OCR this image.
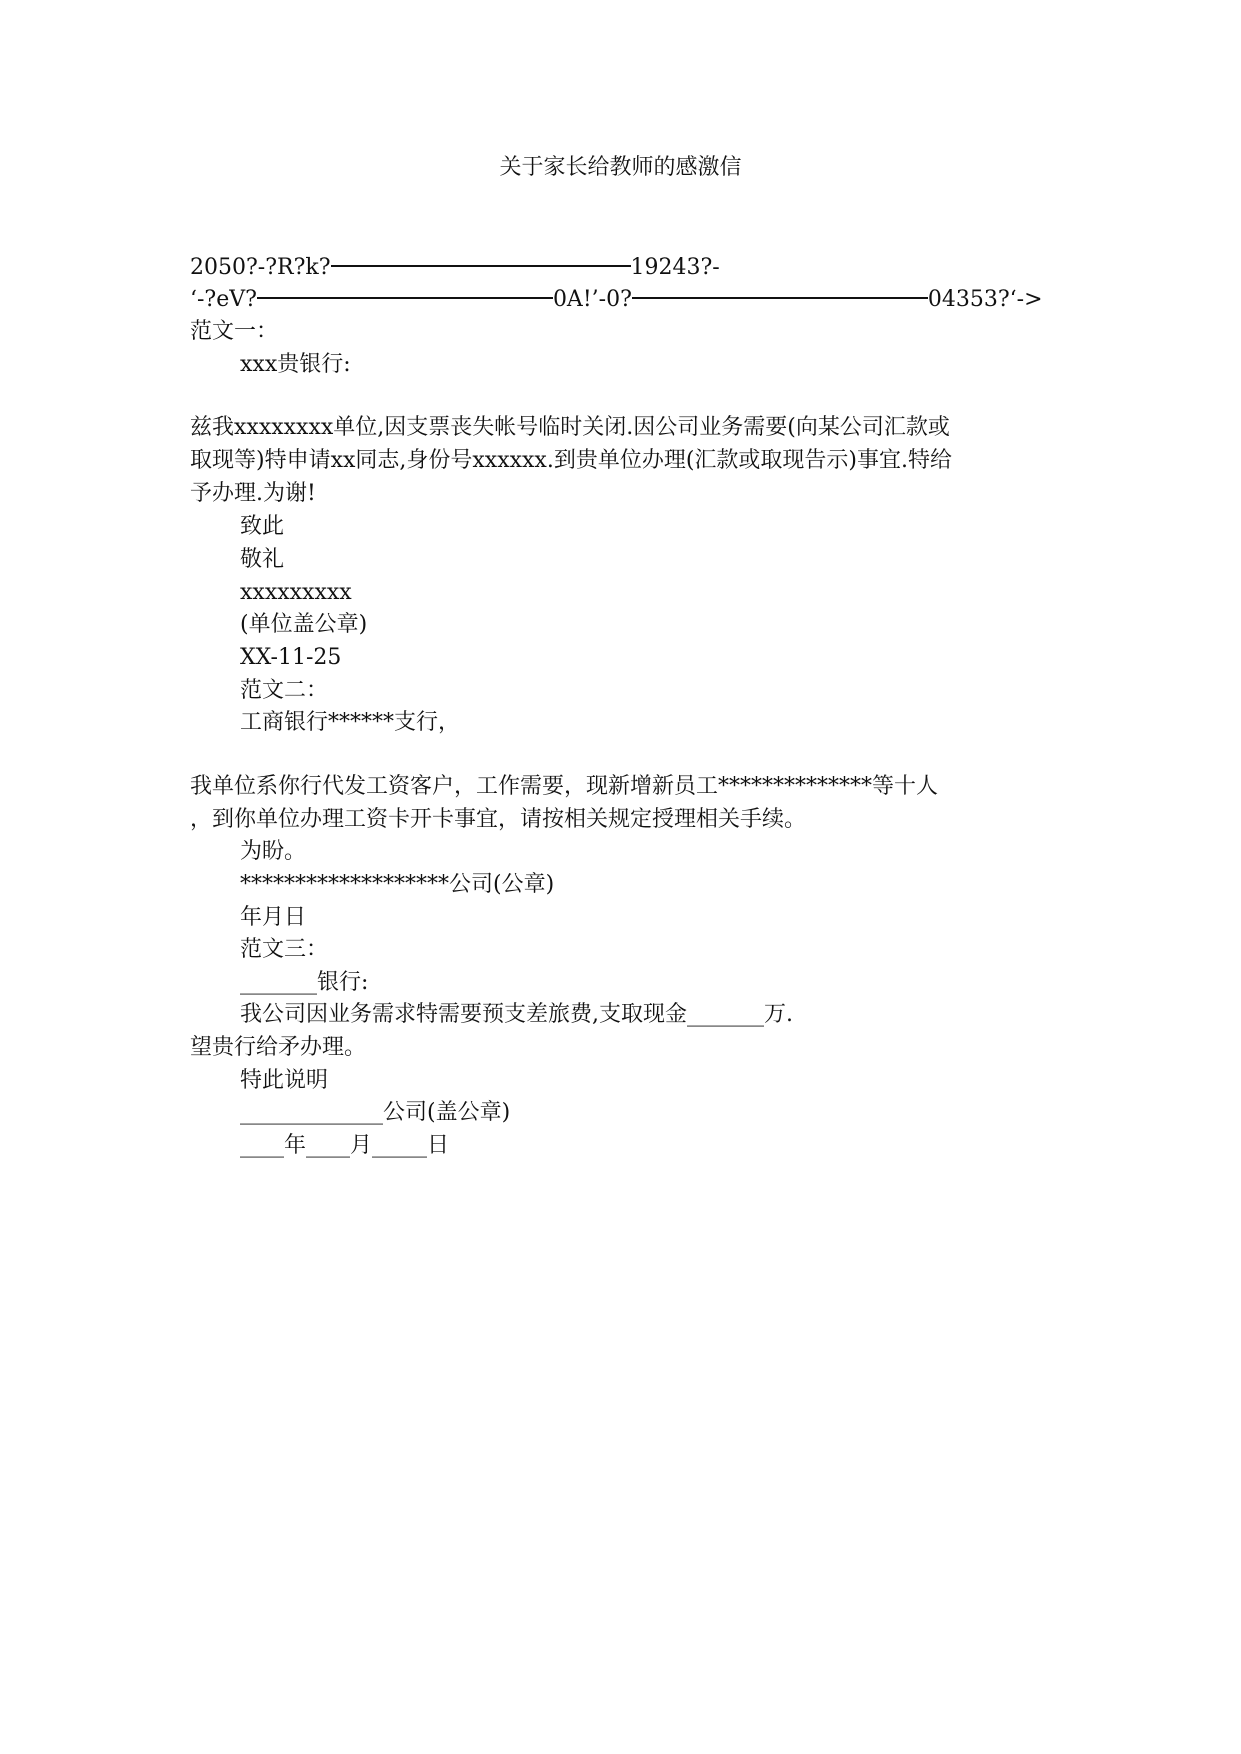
关于家长给教师的感激信
2050?-?R?k?	19243?-
‘-?eV?	0A!’-0?	04353?‘->
范文一：
xxx贵银行:
兹我xxxxxxxx单位,因支票丧失帐号临时关闭.因公司业务需要(向某公司汇款或
取现等)特申请xx同志,身份号xxxxxx.到贵单位办理(汇款或取现告示)事宜.特给
予办理.为谢!
致此
敬礼
xxxxxxxxx
(单位盖公章)
XX-11-25
范文二：
工商银行******支行，
我单位系你行代发工资客户，工作需要，现新增新员工**************等十人
，到你单位办理工资卡开卡事宜，请按相关规定授理相关手续。
为盼。
*******************公司(公章)
年月日
范文三：
_______银行:
我公司因业务需求特需要预支差旅费,支取现金_______万.
望贵行给矛办理。
特此说明
_____________公司(盖公章)
____年____月_____日
